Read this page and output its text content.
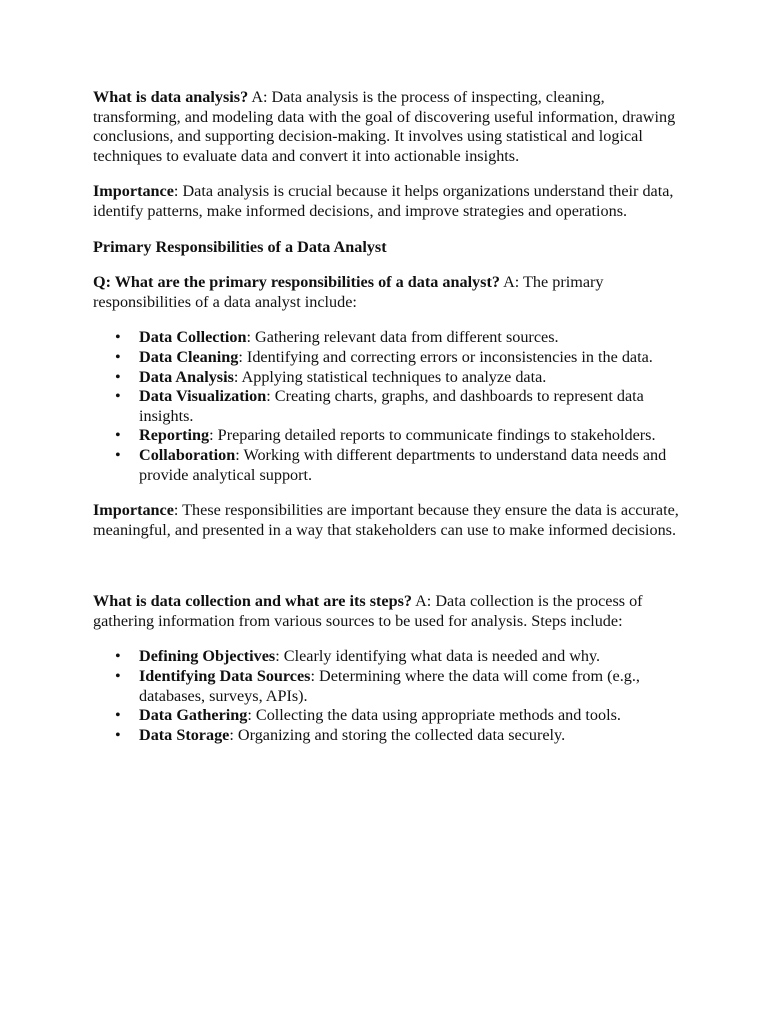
What is data analysis? A: Data analysis is the process of inspecting, cleaning, transforming, and modeling data with the goal of discovering useful information, drawing conclusions, and supporting decision-making. It involves using statistical and logical techniques to evaluate data and convert it into actionable insights.

Importance: Data analysis is crucial because it helps organizations understand their data, identify patterns, make informed decisions, and improve strategies and operations.

Primary Responsibilities of a Data Analyst

Q: What are the primary responsibilities of a data analyst? A: The primary responsibilities of a data analyst include:

• Data Collection: Gathering relevant data from different sources.
• Data Cleaning: Identifying and correcting errors or inconsistencies in the data.
• Data Analysis: Applying statistical techniques to analyze data.
• Data Visualization: Creating charts, graphs, and dashboards to represent data insights.
• Reporting: Preparing detailed reports to communicate findings to stakeholders.
• Collaboration: Working with different departments to understand data needs and provide analytical support.

Importance: These responsibilities are important because they ensure the data is accurate, meaningful, and presented in a way that stakeholders can use to make informed decisions.

What is data collection and what are its steps? A: Data collection is the process of gathering information from various sources to be used for analysis. Steps include:

• Defining Objectives: Clearly identifying what data is needed and why.
• Identifying Data Sources: Determining where the data will come from (e.g., databases, surveys, APIs).
• Data Gathering: Collecting the data using appropriate methods and tools.
• Data Storage: Organizing and storing the collected data securely.
